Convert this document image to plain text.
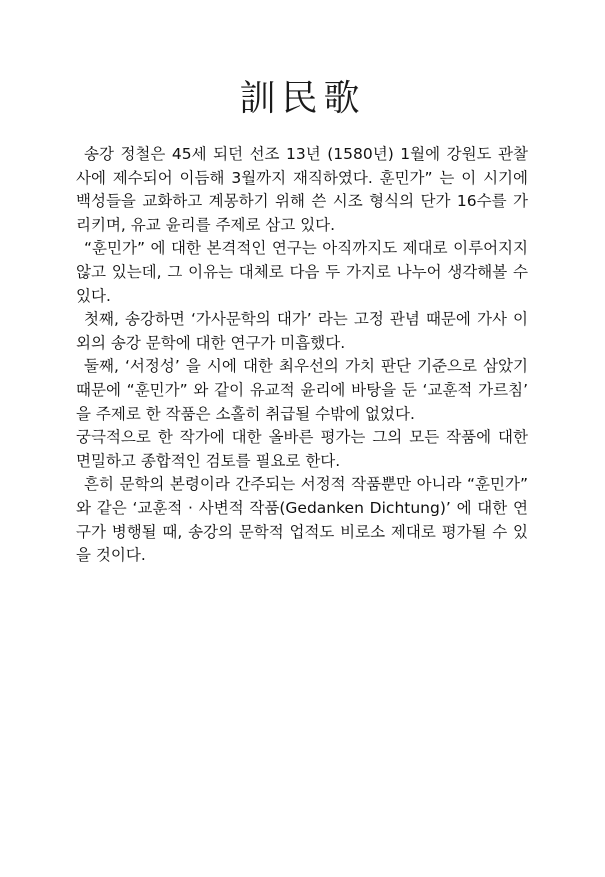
訓民歌

송강 정철은 45세 되던 선조 13년 (1580년) 1월에 강원도 관찰사에 제수되어 이듬해 3월까지 재직하였다. 훈민가” 는 이 시기에 백성들을 교화하고 계몽하기 위해 쓴 시조 형식의 단가 16수를 가리키며, 유교 윤리를 주제로 삼고 있다.

“훈민가” 에 대한 본격적인 연구는 아직까지도 제대로 이루어지지 않고 있는데, 그 이유는 대체로 다음 두 가지로 나누어 생각해볼 수 있다.

첫째, 송강하면 ‘가사문학의 대가’ 라는 고정 관념 때문에 가사 이외의 송강 문학에 대한 연구가 미흡했다.

둘째, ‘서정성’ 을 시에 대한 최우선의 가치 판단 기준으로 삼았기 때문에 “훈민가” 와 같이 유교적 윤리에 바탕을 둔 ‘교훈적 가르침’ 을 주제로 한 작품은 소홀히 취급될 수밖에 없었다.

궁극적으로 한 작가에 대한 올바른 평가는 그의 모든 작품에 대한 면밀하고 종합적인 검토를 필요로 한다.

흔히 문학의 본령이라 간주되는 서정적 작품뿐만 아니라 “훈민가” 와 같은 ‘교훈적 · 사변적 작품(Gedanken Dichtung)’ 에 대한 연구가 병행될 때, 송강의 문학적 업적도 비로소 제대로 평가될 수 있을 것이다.
